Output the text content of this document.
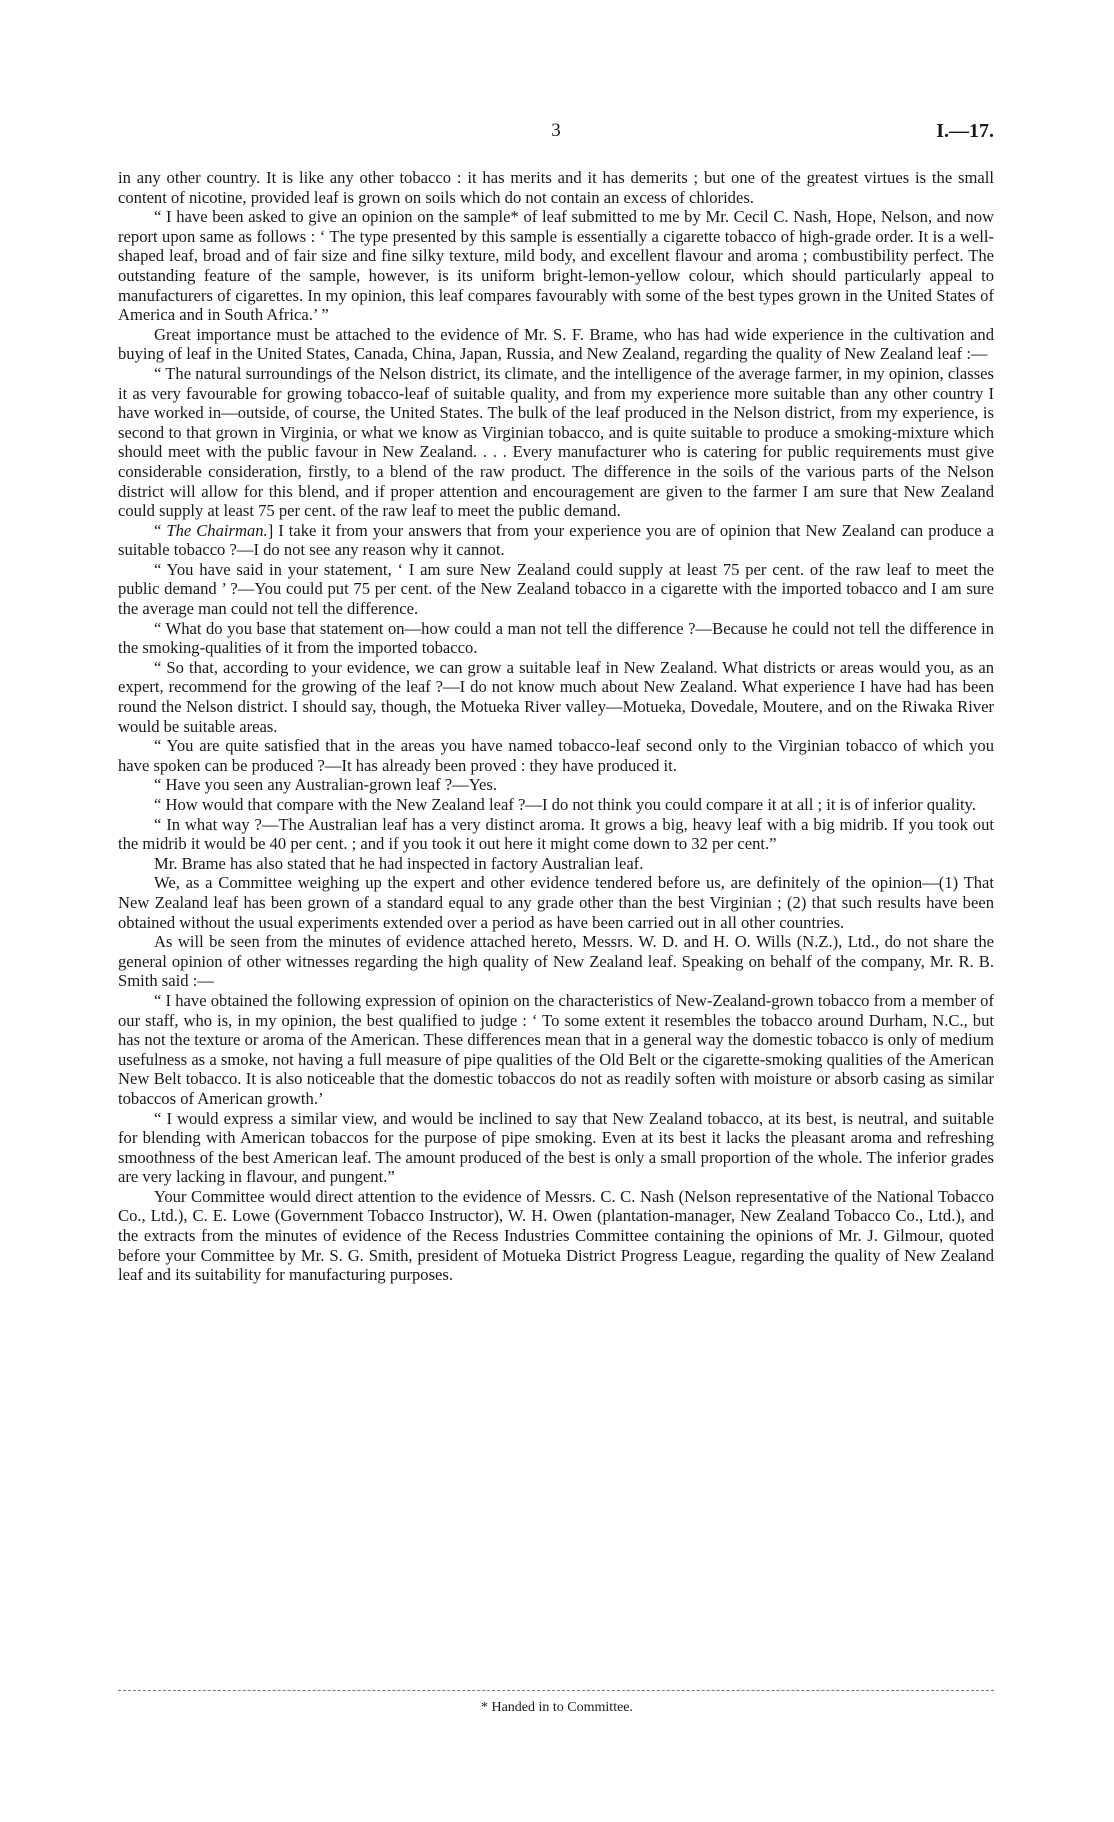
3	I.—17.

in any other country. It is like any other tobacco : it has merits and it has demerits ; but one of the greatest virtues is the small content of nicotine, provided leaf is grown on soils which do not contain an excess of chlorides.

“ I have been asked to give an opinion on the sample* of leaf submitted to me by Mr. Cecil C. Nash, Hope, Nelson, and now report upon same as follows : ‘ The type presented by this sample is essentially a cigarette tobacco of high-grade order. It is a well-shaped leaf, broad and of fair size and fine silky texture, mild body, and excellent flavour and aroma ; combustibility perfect. The outstanding feature of the sample, however, is its uniform bright-lemon-yellow colour, which should particularly appeal to manufacturers of cigarettes. In my opinion, this leaf compares favourably with some of the best types grown in the United States of America and in South Africa.’ ”

Great importance must be attached to the evidence of Mr. S. F. Brame, who has had wide experience in the cultivation and buying of leaf in the United States, Canada, China, Japan, Russia, and New Zealand, regarding the quality of New Zealand leaf :—

“ The natural surroundings of the Nelson district, its climate, and the intelligence of the average farmer, in my opinion, classes it as very favourable for growing tobacco-leaf of suitable quality, and from my experience more suitable than any other country I have worked in—outside, of course, the United States. The bulk of the leaf produced in the Nelson district, from my experience, is second to that grown in Virginia, or what we know as Virginian tobacco, and is quite suitable to produce a smoking-mixture which should meet with the public favour in New Zealand. . . . Every manufacturer who is catering for public requirements must give considerable consideration, firstly, to a blend of the raw product. The difference in the soils of the various parts of the Nelson district will allow for this blend, and if proper attention and encouragement are given to the farmer I am sure that New Zealand could supply at least 75 per cent. of the raw leaf to meet the public demand.

“ The Chairman.] I take it from your answers that from your experience you are of opinion that New Zealand can produce a suitable tobacco ?—I do not see any reason why it cannot.

“ You have said in your statement, ‘ I am sure New Zealand could supply at least 75 per cent. of the raw leaf to meet the public demand ’ ?—You could put 75 per cent. of the New Zealand tobacco in a cigarette with the imported tobacco and I am sure the average man could not tell the difference.

“ What do you base that statement on—how could a man not tell the difference ?—Because he could not tell the difference in the smoking-qualities of it from the imported tobacco.

“ So that, according to your evidence, we can grow a suitable leaf in New Zealand. What districts or areas would you, as an expert, recommend for the growing of the leaf ?—I do not know much about New Zealand. What experience I have had has been round the Nelson district. I should say, though, the Motueka River valley—Motueka, Dovedale, Moutere, and on the Riwaka River would be suitable areas.

“ You are quite satisfied that in the areas you have named tobacco-leaf second only to the Virginian tobacco of which you have spoken can be produced ?—It has already been proved : they have produced it.

“ Have you seen any Australian-grown leaf ?—Yes.

“ How would that compare with the New Zealand leaf ?—I do not think you could compare it at all ; it is of inferior quality.

“ In what way ?—The Australian leaf has a very distinct aroma. It grows a big, heavy leaf with a big midrib. If you took out the midrib it would be 40 per cent. ; and if you took it out here it might come down to 32 per cent.”

Mr. Brame has also stated that he had inspected in factory Australian leaf.

We, as a Committee weighing up the expert and other evidence tendered before us, are definitely of the opinion—(1) That New Zealand leaf has been grown of a standard equal to any grade other than the best Virginian ; (2) that such results have been obtained without the usual experiments extended over a period as have been carried out in all other countries.

As will be seen from the minutes of evidence attached hereto, Messrs. W. D. and H. O. Wills (N.Z.), Ltd., do not share the general opinion of other witnesses regarding the high quality of New Zealand leaf. Speaking on behalf of the company, Mr. R. B. Smith said :—

“ I have obtained the following expression of opinion on the characteristics of New-Zealand-grown tobacco from a member of our staff, who is, in my opinion, the best qualified to judge : ‘ To some extent it resembles the tobacco around Durham, N.C., but has not the texture or aroma of the American. These differences mean that in a general way the domestic tobacco is only of medium usefulness as a smoke, not having a full measure of pipe qualities of the Old Belt or the cigarette-smoking qualities of the American New Belt tobacco. It is also noticeable that the domestic tobaccos do not as readily soften with moisture or absorb casing as similar tobaccos of American growth.’

“ I would express a similar view, and would be inclined to say that New Zealand tobacco, at its best, is neutral, and suitable for blending with American tobaccos for the purpose of pipe smoking. Even at its best it lacks the pleasant aroma and refreshing smoothness of the best American leaf. The amount produced of the best is only a small proportion of the whole. The inferior grades are very lacking in flavour, and pungent.”

Your Committee would direct attention to the evidence of Messrs. C. C. Nash (Nelson representative of the National Tobacco Co., Ltd.), C. E. Lowe (Government Tobacco Instructor), W. H. Owen (plantation-manager, New Zealand Tobacco Co., Ltd.), and the extracts from the minutes of evidence of the Recess Industries Committee containing the opinions of Mr. J. Gilmour, quoted before your Committee by Mr. S. G. Smith, president of Motueka District Progress League, regarding the quality of New Zealand leaf and its suitability for manufacturing purposes.

* Handed in to Committee.
